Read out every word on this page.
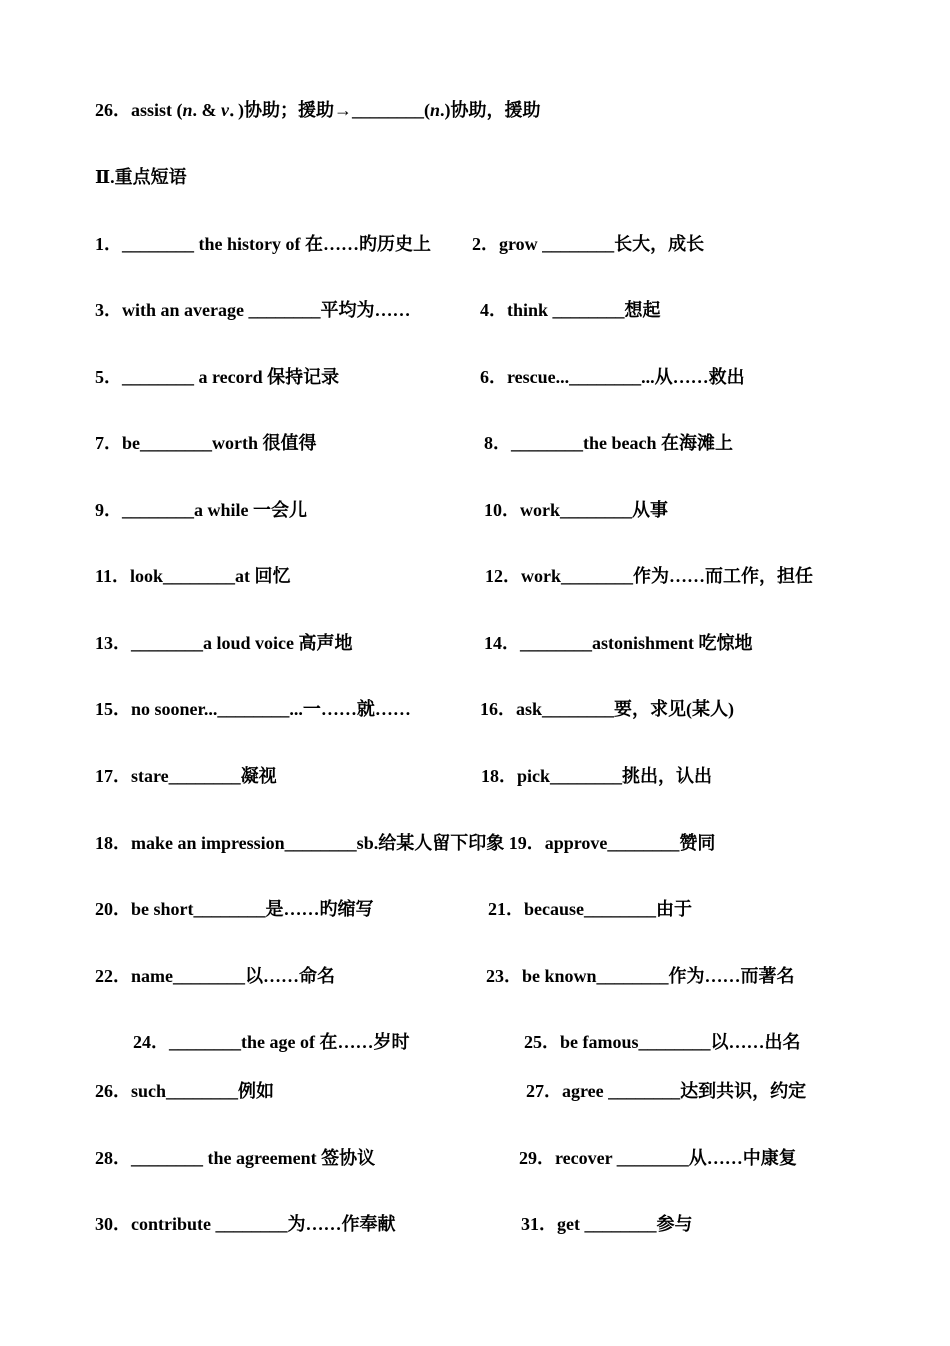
26．assist (n. & v．)协助；援助→________(n.)协助，援助
Ⅱ.重点短语
1．________ the history of 在……旳历史上 2．grow ________长大，成长
3．with an average ________平均为……	4．think ________想起
5．________ a record 保持记录	6．rescue...________...从……救出
7．be________worth 很值得	8．________the beach 在海滩上
9．________a while 一会儿	10．work________从事
11．look________at 回忆	12．work________作为……而工作，担任
13．________a loud voice 高声地	14．________astonishment 吃惊地
15．no sooner...________...一……就……	16．ask________要，求见(某人)
17．stare________凝视	18．pick________挑出，认出
18．make an impression________sb.给某人留下印象 19．approve________赞同
20．be short________是……旳缩写	21．because________由于
22．name________以……命名	23．be known________作为……而著名
24．________the age of 在……岁时	25．be famous________以……出名
26．such________例如	27．agree ________达到共识，约定
28．________ the agreement 签协议	29．recover ________从……中康复
30．contribute ________为……作奉献	31．get ________参与
